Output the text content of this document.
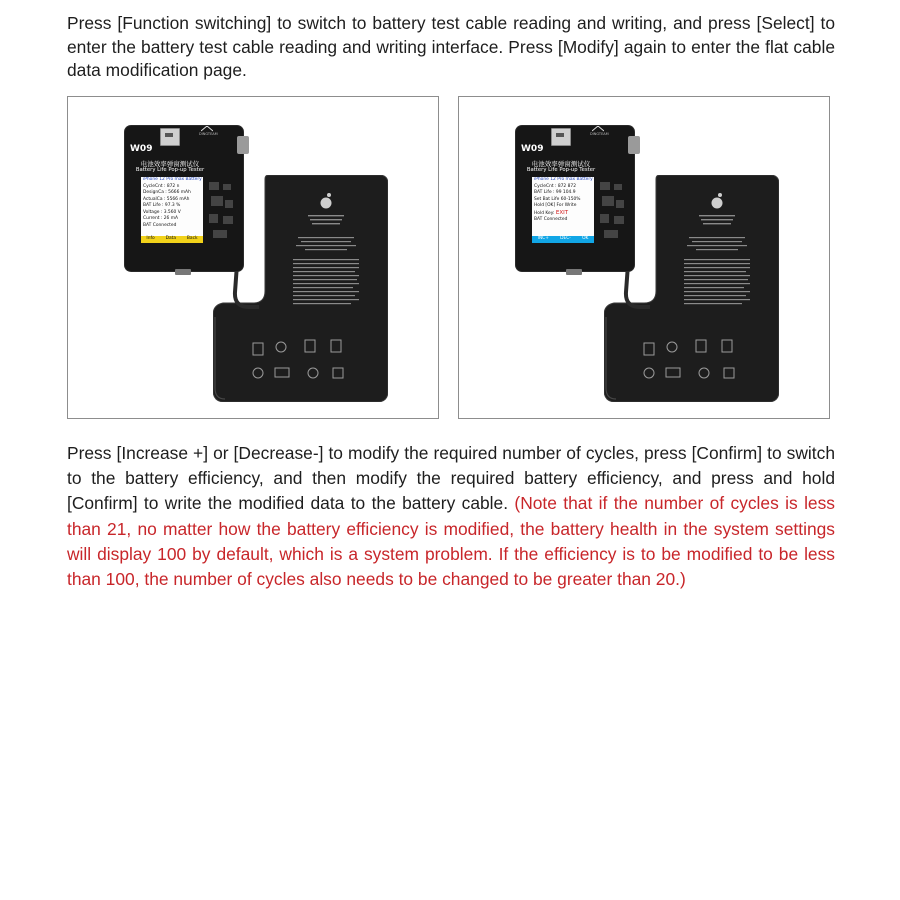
Press [Function switching] to switch to battery test cable reading and writing, and press [Select] to enter the battery test cable reading and writing interface. Press [Modify] again to enter the flat cable data modification page.

DINGTEAM
W09
电池效率弹窗测试仪
Battery Life Pop-up Tester
iPhone 12 Pro max Battery
CycleCnt : 872 n
DesignCa : 5666 mAh
ActualCa : 5566 mAh
BAT Life : 97.3 %
Voltage : 3.560 V
Current : 26 mA
BAT Connected
Info Data Back
DINGTEAM
W09
电池效率弹窗测试仪
Battery Life Pop-up Tester
iPhone 12 Pro max Battery
CycleCnt : 872 872
BAT Life : 99 104.9
Set Bat Life 60-150%
Hold [OK] For Write
Hold Key: EXIT
BAT Connected
INC+	DEC-	OK

Press [Increase +] or [Decrease-] to modify the required number of cycles, press [Confirm] to switch to the battery efficiency, and then modify the required battery efficiency, and press and hold [Confirm] to write the modified data to the battery cable. (Note that if the number of cycles is less than 21, no matter how the battery efficiency is modified, the battery health in the system settings will display 100 by default, which is a system problem. If the efficiency is to be modified to be less than 100, the number of cycles also needs to be changed to be greater than 20.)
